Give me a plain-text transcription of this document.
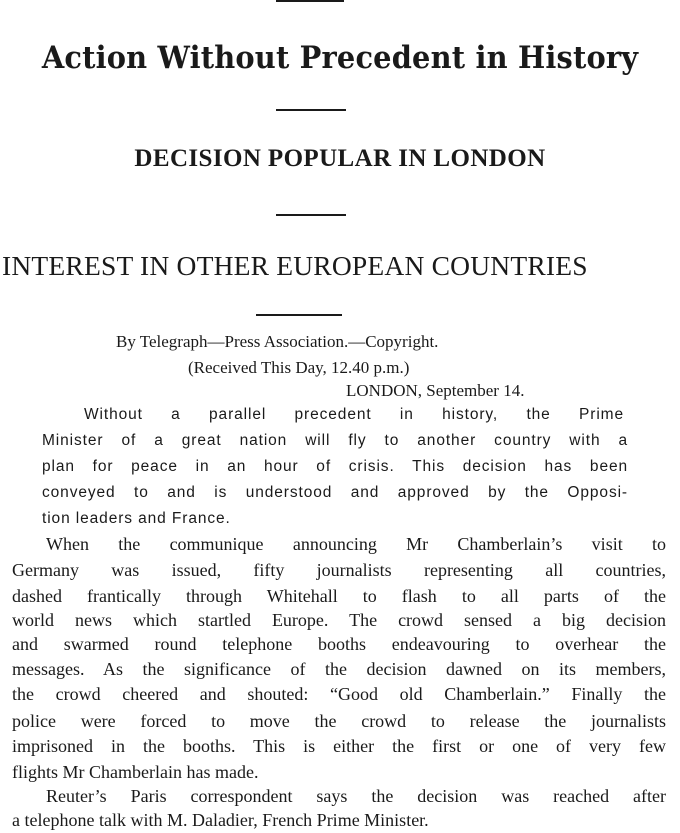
Action Without Precedent in History
DECISION POPULAR IN LONDON
INTEREST IN OTHER EUROPEAN COUNTRIES
By Telegraph—Press Association.—Copyright.
(Received This Day, 12.40 p.m.)
LONDON, September 14.
Without a parallel precedent in history, the Prime
Minister of a great nation will fly to another country with a
plan for peace in an hour of crisis. This decision has been
conveyed to and is understood and approved by the Opposi-
tion leaders and France.
When the communique announcing Mr Chamberlain’s visit to
Germany was issued, fifty journalists representing all countries,
dashed frantically through Whitehall to flash to all parts of the
world news which startled Europe. The crowd sensed a big decision
and swarmed round telephone booths endeavouring to overhear the
messages. As the significance of the decision dawned on its members,
the crowd cheered and shouted: “Good old Chamberlain.” Finally the
police were forced to move the crowd to release the journalists
imprisoned in the booths. This is either the first or one of very few
flights Mr Chamberlain has made.
Reuter’s Paris correspondent says the decision was reached after
a telephone talk with M. Daladier, French Prime Minister.
